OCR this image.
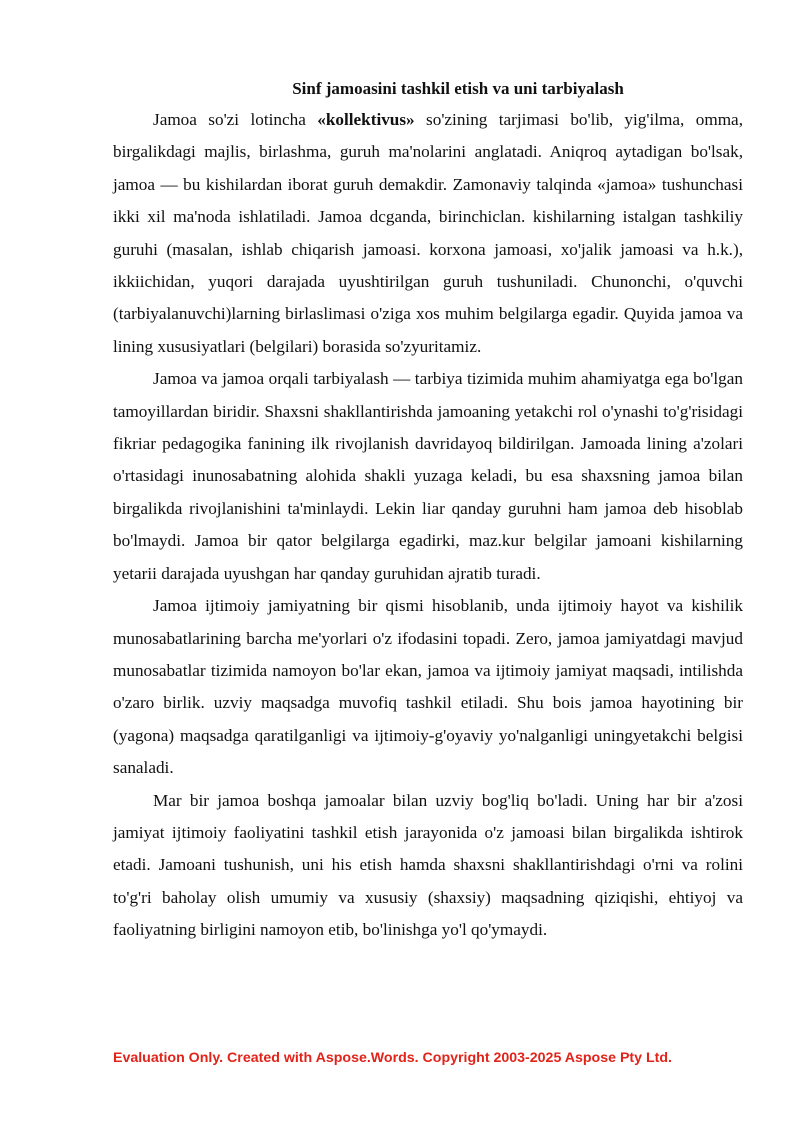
Sinf jamoasini tashkil etish va uni tarbiyalash

Jamoa so'zi lotincha «kollektivus» so'zining tarjimasi bo'lib, yig'ilma, omma, birgalikdagi majlis, birlashma, guruh ma'nolarini anglatadi. Aniqroq aytadigan bo'lsak, jamoa — bu kishilardan iborat guruh demakdir. Zamonaviy talqinda «jamoa» tushunchasi ikki xil ma'noda ishlatiladi. Jamoa dcganda, birinchiclan. kishilarning istalgan tashkiliy guruhi (masalan, ishlab chiqarish jamoasi. korxona jamoasi, xo'jalik jamoasi va h.k.), ikkiichidan, yuqori darajada uyushtirilgan guruh tushuniladi. Chunonchi, o'quvchi (tarbiyalanuvchi)larning birlaslimasi o'ziga xos muhim belgilarga egadir. Quyida jamoa va lining xususiyatlari (belgilari) borasida so'zyuritamiz.

Jamoa va jamoa orqali tarbiyalash — tarbiya tizimida muhim ahamiyatga ega bo'lgan tamoyillardan biridir. Shaxsni shakllantirishda jamoaning yetakchi rol o'ynashi to'g'risidagi fikriar pedagogika fanining ilk rivojlanish davridayoq bildirilgan. Jamoada lining a'zolari o'rtasidagi inunosabatning alohida shakli yuzaga keladi, bu esa shaxsning jamoa bilan birgalikda rivojlanishini ta'minlaydi. Lekin liar qanday guruhni ham jamoa deb hisoblab bo'lmaydi. Jamoa bir qator belgilarga egadirki, maz.kur belgilar jamoani kishilarning yetarii darajada uyushgan har qanday guruhidan ajratib turadi.

Jamoa ijtimoiy jamiyatning bir qismi hisoblanib, unda ijtimoiy hayot va kishilik munosabatlarining barcha me'yorlari o'z ifodasini topadi. Zero, jamoa jamiyatdagi mavjud munosabatlar tizimida namoyon bo'lar ekan, jamoa va ijtimoiy jamiyat maqsadi, intilishda o'zaro birlik. uzviy maqsadga muvofiq tashkil etiladi. Shu bois jamoa hayotining bir (yagona) maqsadga qaratilganligi va ijtimoiy-g'oyaviy yo'nalganligi uningyetakchi belgisi sanaladi.

Mar bir jamoa boshqa jamoalar bilan uzviy bog'liq bo'ladi. Uning har bir a'zosi jamiyat ijtimoiy faoliyatini tashkil etish jarayonida o'z jamoasi bilan birgalikda ishtirok etadi. Jamoani tushunish, uni his etish hamda shaxsni shakllantirishdagi o'rni va rolini to'g'ri baholay olish umumiy va xususiy (shaxsiy) maqsadning qiziqishi, ehtiyoj va faoliyatning birligini namoyon etib, bo'linishga yo'l qo'ymaydi.

Evaluation Only. Created with Aspose.Words. Copyright 2003-2025 Aspose Pty Ltd.
